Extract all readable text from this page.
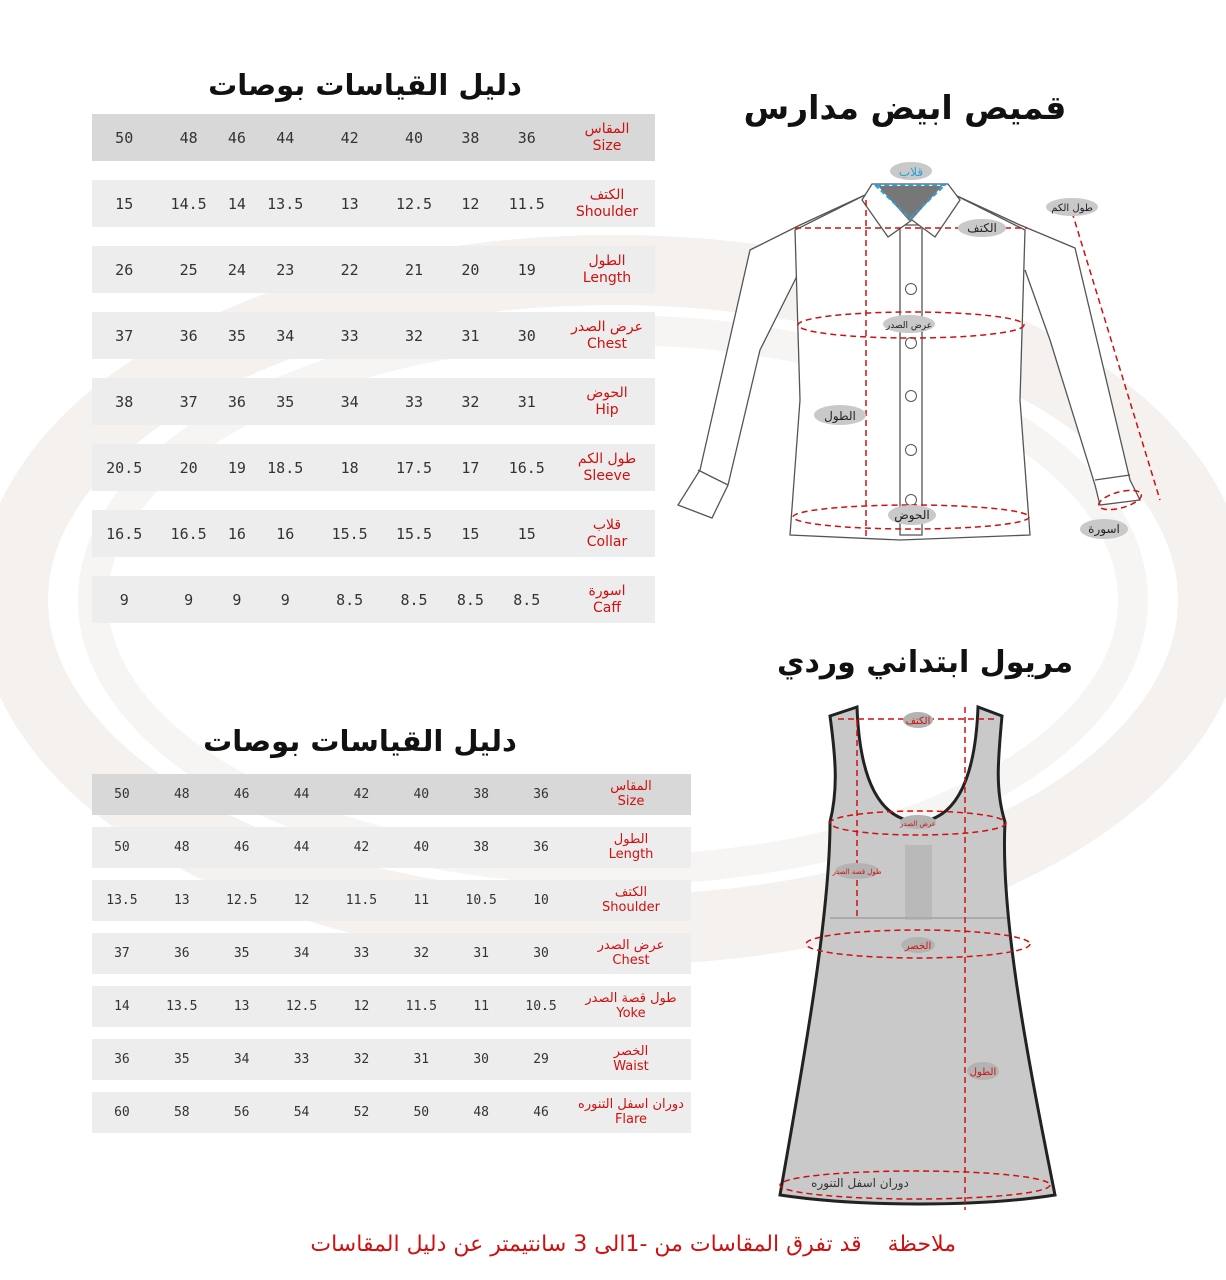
قميص ابيض مدارس
دليل القياسات بوصات
50	48	46	44	42	40	38	36	المقاس
Size

15	14.5	14	13.5	13	12.5	12	11.5	الكتف
Shoulder

26	25	24	23	22	21	20	19	الطول
Length

37	36	35	34	33	32	31	30	عرض الصدر
Chest

38	37	36	35	34	33	32	31	الحوض
Hip

20.5	20	19	18.5	18	17.5	17	16.5	طول الكم
Sleeve

16.5	16.5	16	16	15.5	15.5	15	15	قلاب
Collar

9	9	9	9	8.5	8.5	8.5	8.5	اسورة
Caff
قلاب
طول الكم
الكتف
عرض الصدر
الطول
الحوض
اسورة
مريول ابتداني وردي
دليل القياسات بوصات
50	48	46	44	42	40	38	36	المقاس
Size

50	48	46	44	42	40	38	36	الطول
Length

13.5	13	12.5	12	11.5	11	10.5	10	الكتف
Shoulder

37	36	35	34	33	32	31	30	عرض الصدر
Chest

14	13.5	13	12.5	12	11.5	11	10.5	طول قصة الصدر
Yoke

36	35	34	33	32	31	30	29	الخصر
Waist

60	58	56	54	52	50	48	46	دوران اسفل التنوره
Flare
الكتف
عرض الصدر
طول قصة الصدر
الخصر
الطول
دوران اسفل التنوره
ملاحظةقد تفرق المقاسات من -1الى 3 سانتيمتر عن دليل المقاسات
